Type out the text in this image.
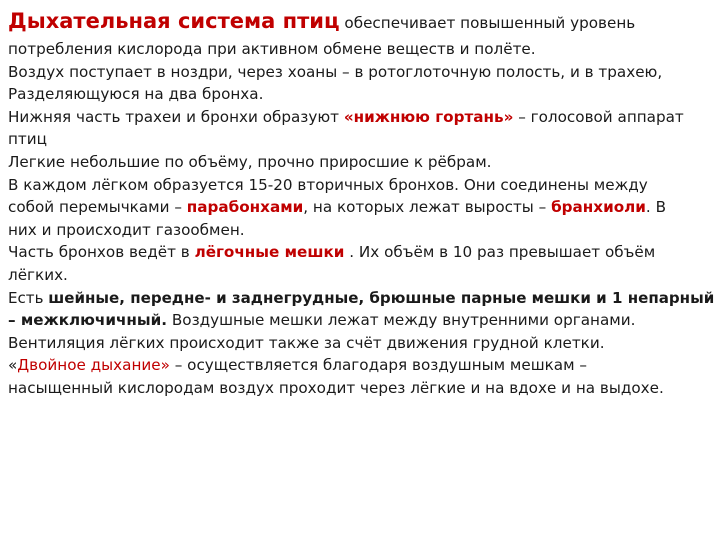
Дыхательная система птиц обеспечивает повышенный уровень
потребления кислорода при активном обмене веществ и полёте.
Воздух поступает в ноздри, через хоаны – в ротоглоточную полость, и в трахею,
Разделяющуюся на два бронха.
Нижняя часть трахеи и бронхи образуют «нижнюю гортань» – голосовой аппарат
птиц
Легкие небольшие по объёму, прочно приросшие к рёбрам.
В каждом лёгком образуется 15-20 вторичных бронхов. Они соединены между
собой перемычками – парабонхами, на которых лежат выросты – бранхиоли. В
них и происходит газообмен.
Часть бронхов ведёт в лёгочные мешки . Их объём в 10 раз превышает объём
лёгких.
Есть шейные, передне- и заднегрудные, брюшные парные мешки и 1 непарный
– межключичный. Воздушные мешки лежат между внутренними органами.
Вентиляция лёгких происходит также за счёт движения грудной клетки.
«Двойное дыхание» – осуществляется благодаря воздушным мешкам –
насыщенный кислородам воздух проходит через лёгкие и на вдохе и на выдохе.
